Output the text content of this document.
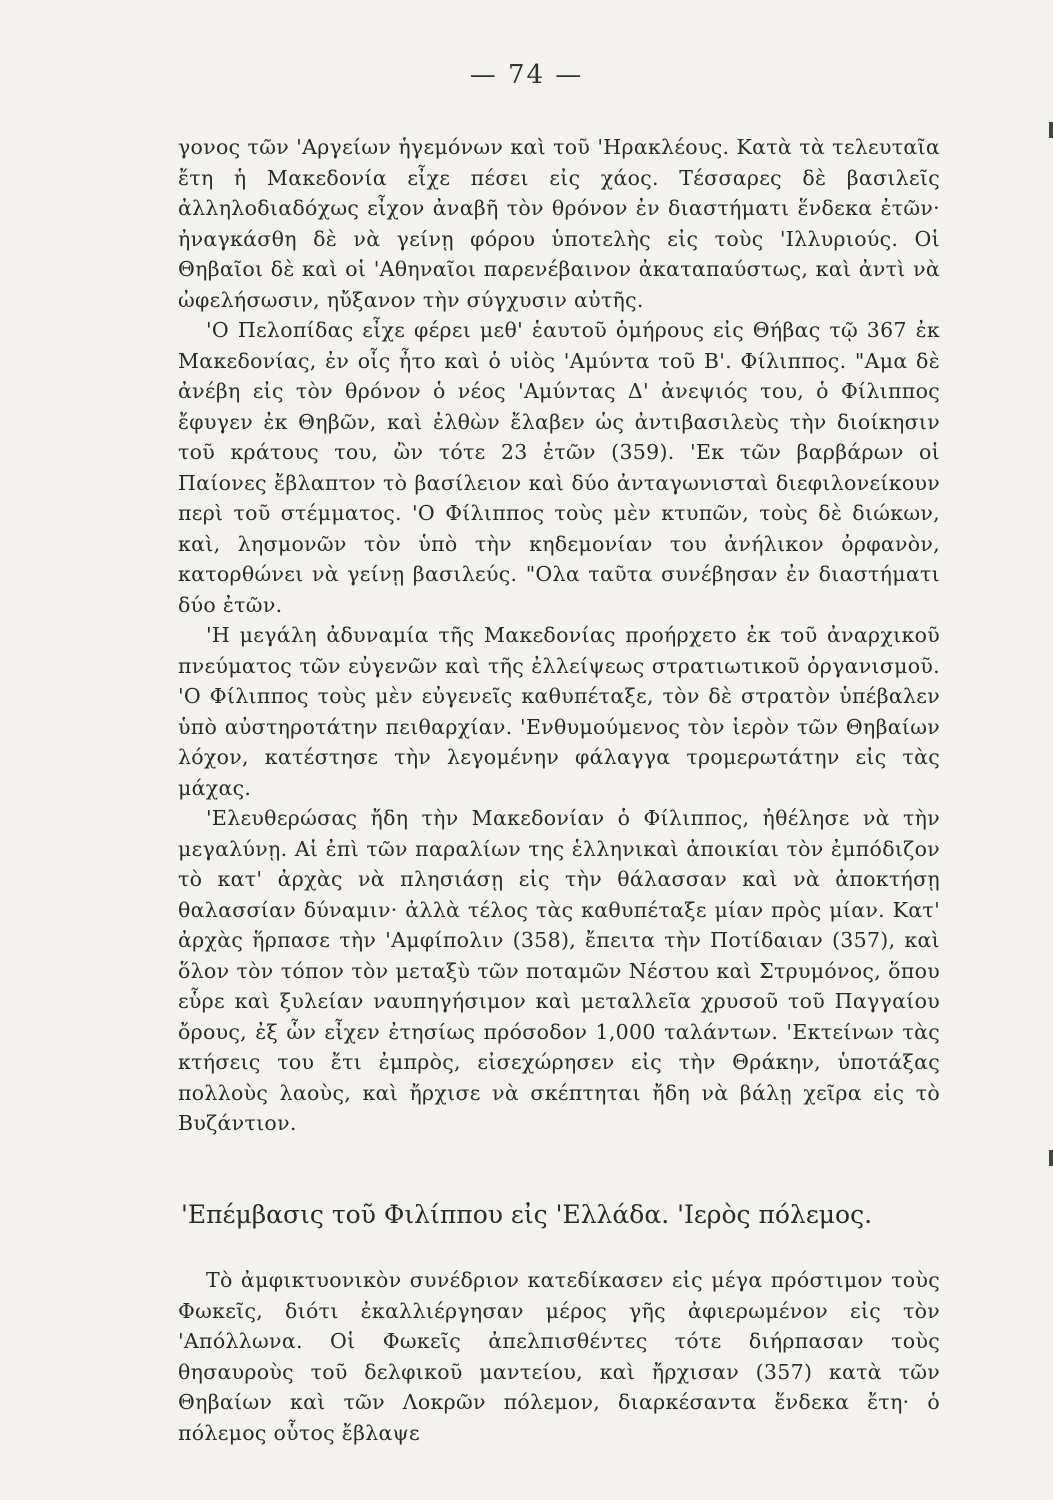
— 74 —

γονος τῶν 'Αργείων ἡγεμόνων καὶ τοῦ 'Ηρακλέους. Κατὰ τὰ τελευταῖα ἔτη ἡ Μακεδονία εἶχε πέσει εἰς χάος. Τέσσαρες δὲ βασιλεῖς ἀλληλοδιαδόχως εἶχον ἀναβῆ τὸν θρόνον ἐν διαστήματι ἕνδεκα ἐτῶν· ἠναγκάσθη δὲ νὰ γείνῃ φόρου ὑποτελὴς εἰς τοὺς 'Ιλλυριούς. Οἱ Θηβαῖοι δὲ καὶ οἱ 'Αθηναῖοι παρενέβαινον ἀκαταπαύστως, καὶ ἀντὶ νὰ ὠφελήσωσιν, ηὔξανον τὴν σύγχυσιν αὐτῆς.

'Ο Πελοπίδας εἶχε φέρει μεθ' ἑαυτοῦ ὁμήρους εἰς Θήβας τῷ 367 ἐκ Μακεδονίας, ἐν οἷς ἦτο καὶ ὁ υἱὸς 'Αμύντα τοῦ Β'. Φίλιππος. "Αμα δὲ ἀνέβη εἰς τὸν θρόνον ὁ νέος 'Αμύντας Δ' ἀνεψιός του, ὁ Φίλιππος ἔφυγεν ἐκ Θηβῶν, καὶ ἐλθὼν ἔλαβεν ὡς ἀντιβασιλεὺς τὴν διοίκησιν τοῦ κράτους του, ὢν τότε 23 ἐτῶν (359). 'Εκ τῶν βαρβάρων οἱ Παίονες ἔβλαπτον τὸ βασίλειον καὶ δύο ἀνταγωνισταὶ διεφιλονείκουν περὶ τοῦ στέμματος. 'Ο Φίλιππος τοὺς μὲν κτυπῶν, τοὺς δὲ διώκων, καὶ, λησμονῶν τὸν ὑπὸ τὴν κηδεμονίαν του ἀνήλικον ὀρφανὸν, κατορθώνει νὰ γείνῃ βασιλεύς. "Ολα ταῦτα συνέβησαν ἐν διαστήματι δύο ἐτῶν.

'Η μεγάλη ἀδυναμία τῆς Μακεδονίας προήρχετο ἐκ τοῦ ἀναρχικοῦ πνεύματος τῶν εὐγενῶν καὶ τῆς ἐλλείψεως στρατιωτικοῦ ὀργανισμοῦ. 'Ο Φίλιππος τοὺς μὲν εὐγενεῖς καθυπέταξε, τὸν δὲ στρατὸν ὑπέβαλεν ὑπὸ αὐστηροτάτην πειθαρχίαν. 'Ενθυμούμενος τὸν ἱερὸν τῶν Θηβαίων λόχον, κατέστησε τὴν λεγομένην φάλαγγα τρομερωτάτην εἰς τὰς μάχας.

'Ελευθερώσας ἤδη τὴν Μακεδονίαν ὁ Φίλιππος, ἠθέλησε νὰ τὴν μεγαλύνῃ. Αἱ ἐπὶ τῶν παραλίων της ἑλληνικαὶ ἀποικίαι τὸν ἐμπόδιζον τὸ κατ' ἀρχὰς νὰ πλησιάσῃ εἰς τὴν θάλασσαν καὶ νὰ ἀποκτήσῃ θαλασσίαν δύναμιν· ἀλλὰ τέλος τὰς καθυπέταξε μίαν πρὸς μίαν. Κατ' ἀρχὰς ἥρπασε τὴν 'Αμφίπολιν (358), ἔπειτα τὴν Ποτίδαιαν (357), καὶ ὅλον τὸν τόπον τὸν μεταξὺ τῶν ποταμῶν Νέστου καὶ Στρυμόνος, ὅπου εὗρε καὶ ξυλείαν ναυπηγήσιμον καὶ μεταλλεῖα χρυσοῦ τοῦ Παγγαίου ὄρους, ἐξ ὧν εἶχεν ἐτησίως πρόσοδον 1,000 ταλάντων. 'Εκτείνων τὰς κτήσεις του ἔτι ἐμπρὸς, εἰσεχώρησεν εἰς τὴν Θράκην, ὑποτάξας πολλοὺς λαοὺς, καὶ ἤρχισε νὰ σκέπτηται ἤδη νὰ βάλῃ χεῖρα εἰς τὸ Βυζάντιον.

'Επέμβασις τοῦ Φιλίππου εἰς 'Ελλάδα. 'Ιερὸς πόλεμος.

Τὸ ἀμφικτυονικὸν συνέδριον κατεδίκασεν εἰς μέγα πρόστιμον τοὺς Φωκεῖς, διότι ἐκαλλιέργησαν μέρος γῆς ἀφιερωμένον εἰς τὸν 'Απόλλωνα. Οἱ Φωκεῖς ἀπελπισθέντες τότε διήρπασαν τοὺς θησαυροὺς τοῦ δελφικοῦ μαντείου, καὶ ἤρχισαν (357) κατὰ τῶν Θηβαίων καὶ τῶν Λοκρῶν πόλεμον, διαρκέσαντα ἕνδεκα ἔτη· ὁ πόλεμος οὗτος ἔβλαψε
